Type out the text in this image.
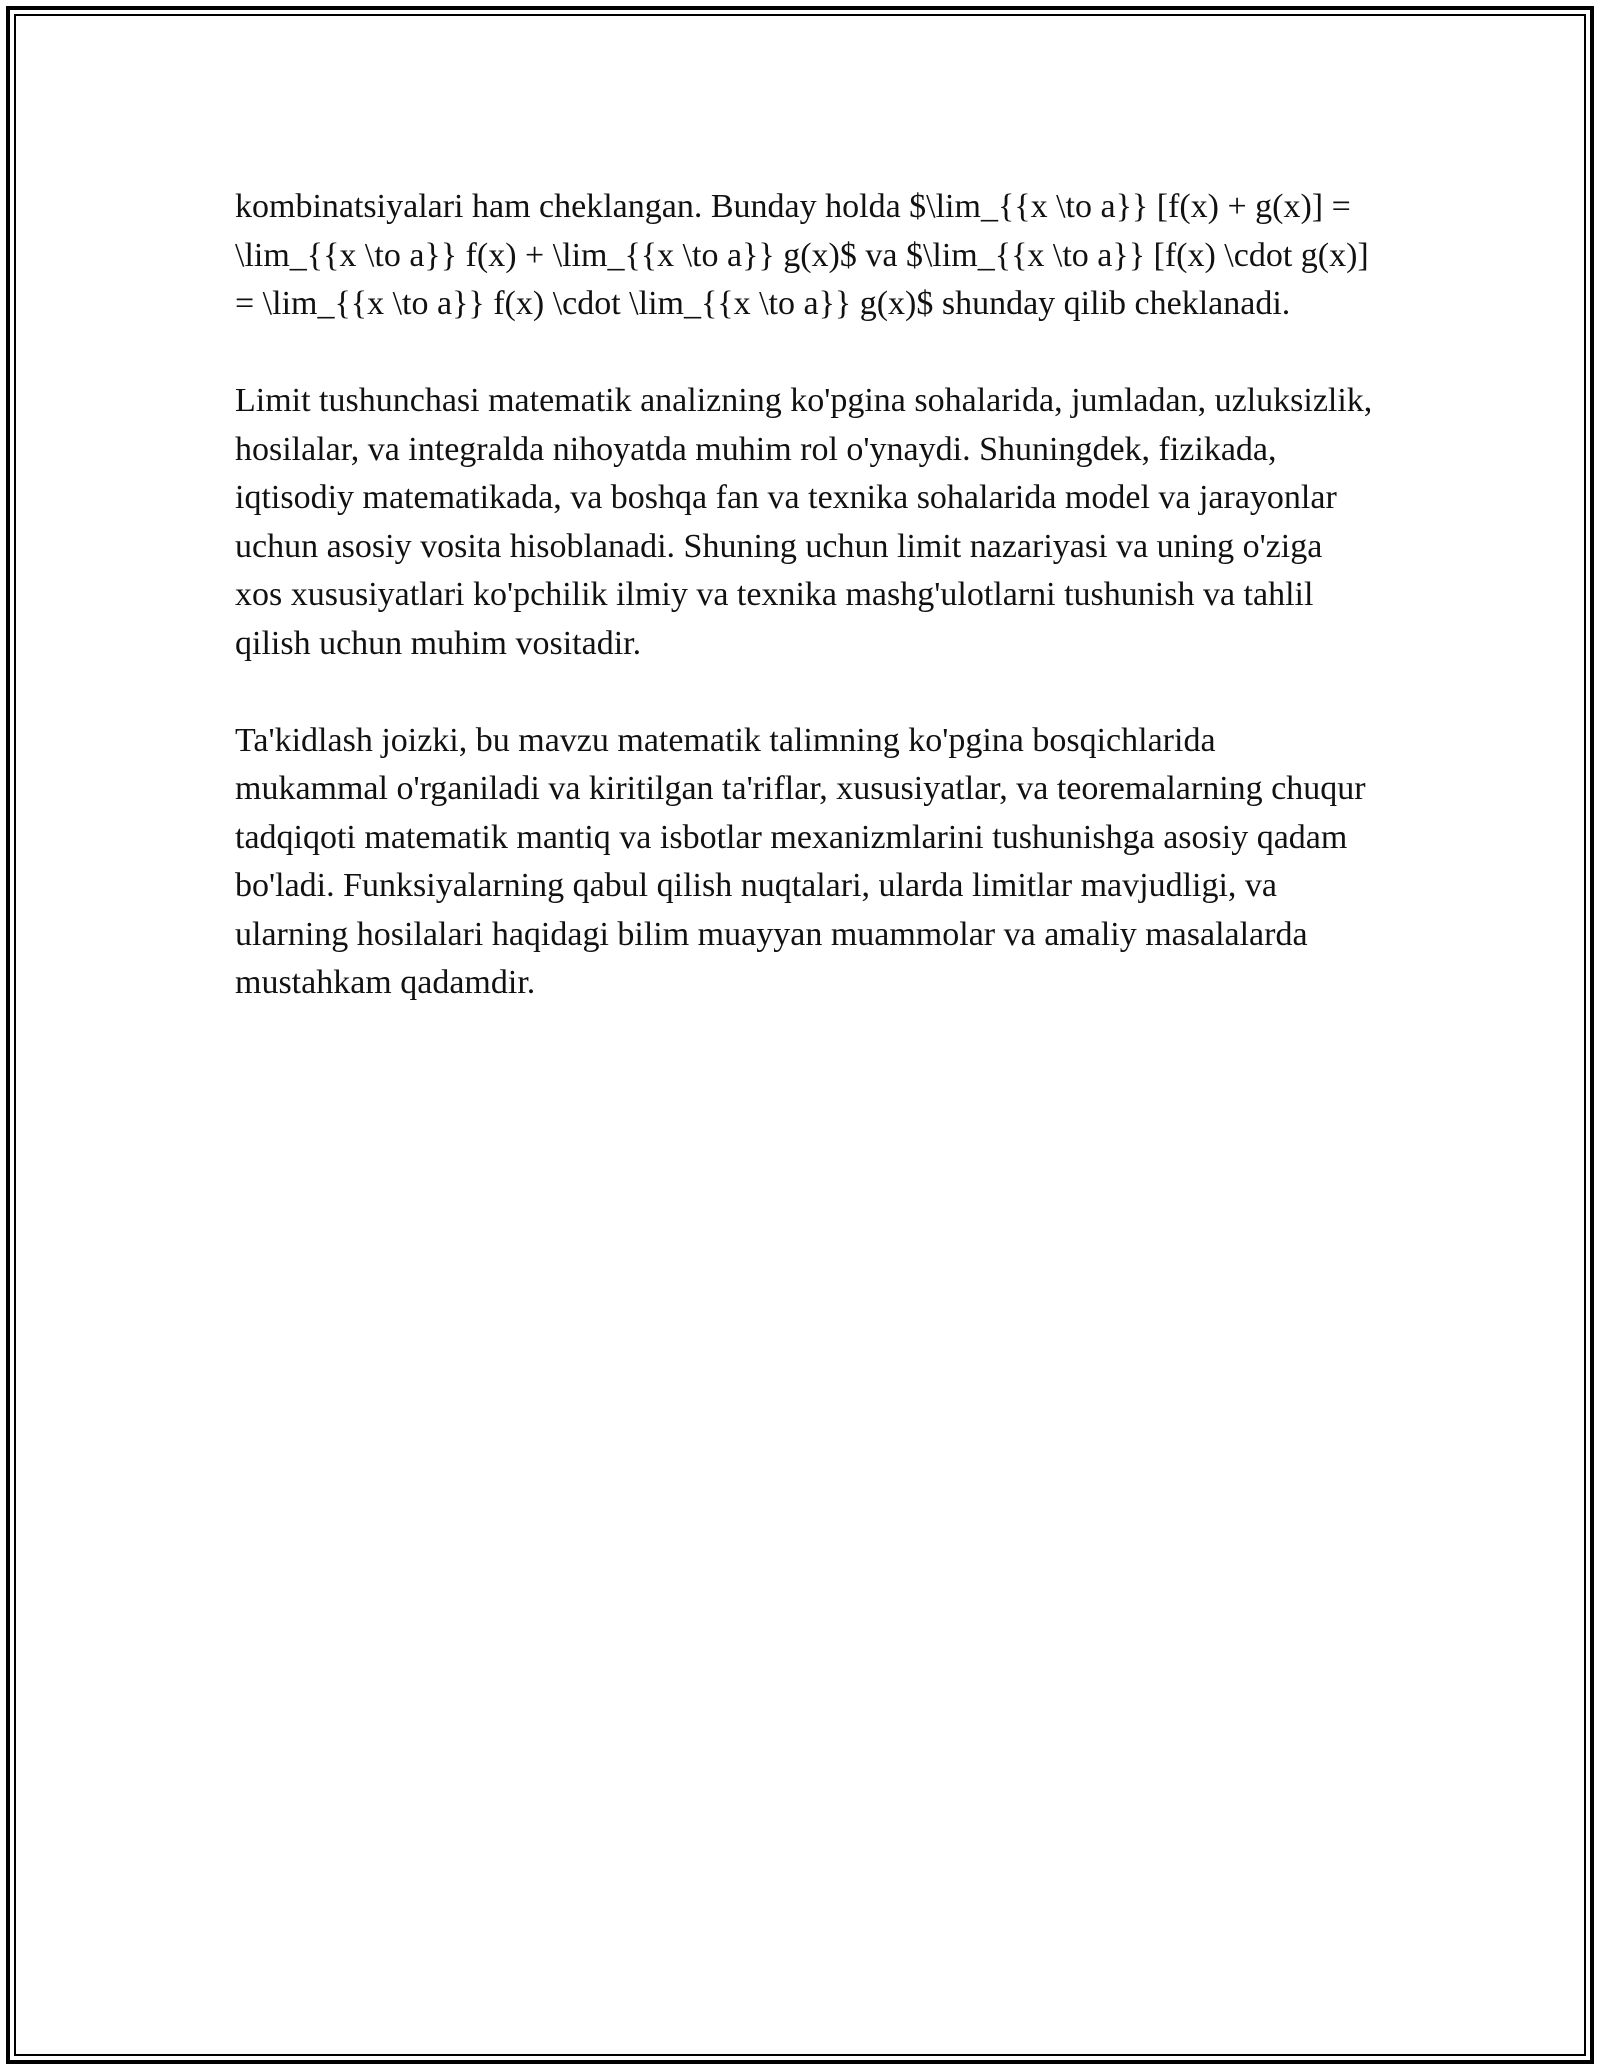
kombinatsiyalari ham cheklangan. Bunday holda $\lim_{{x \to a}} [f(x) + g(x)] = \lim_{{x \to a}} f(x) + \lim_{{x \to a}} g(x)$ va $\lim_{{x \to a}} [f(x) \cdot g(x)] = \lim_{{x \to a}} f(x) \cdot \lim_{{x \to a}} g(x)$ shunday qilib cheklanadi.

Limit tushunchasi matematik analizning ko'pgina sohalarida, jumladan, uzluksizlik, hosilalar, va integralda nihoyatda muhim rol o'ynaydi. Shuningdek, fizikada, iqtisodiy matematikada, va boshqa fan va texnika sohalarida model va jarayonlar uchun asosiy vosita hisoblanadi. Shuning uchun limit nazariyasi va uning o'ziga xos xususiyatlari ko'pchilik ilmiy va texnika mashg'ulotlarni tushunish va tahlil qilish uchun muhim vositadir.

Ta'kidlash joizki, bu mavzu matematik talimning ko'pgina bosqichlarida mukammal o'rganiladi va kiritilgan ta'riflar, xususiyatlar, va teoremalarning chuqur tadqiqoti matematik mantiq va isbotlar mexanizmlarini tushunishga asosiy qadam bo'ladi. Funksiyalarning qabul qilish nuqtalari, ularda limitlar mavjudligi, va ularning hosilalari haqidagi bilim muayyan muammolar va amaliy masalalarda mustahkam qadamdir.
